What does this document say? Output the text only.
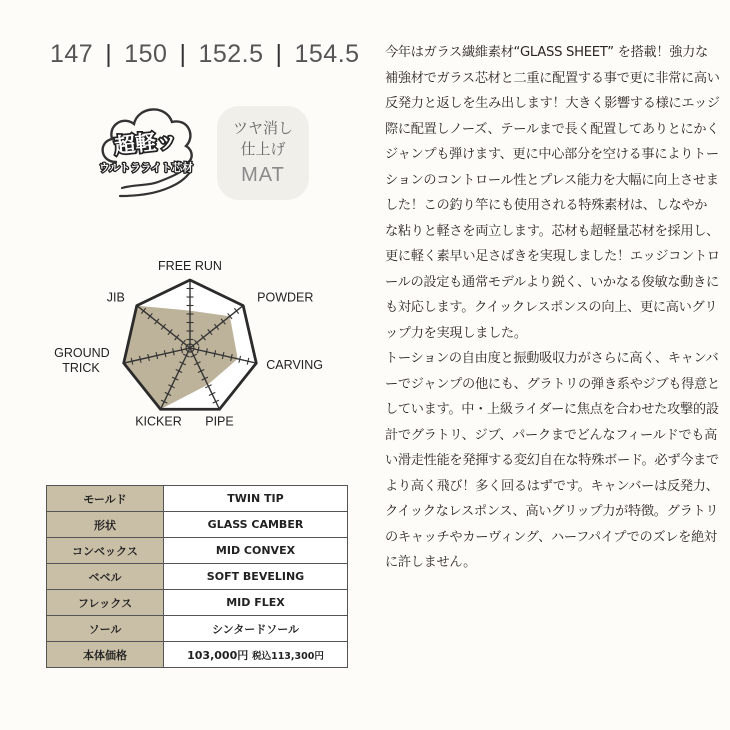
147 | 150 | 152.5 | 154.5
超軽ッ
ウルトラライト芯材
ツヤ消し
仕上げ
MAT
FREE RUN
POWDER
CARVING
PIPE
KICKER
GROUND TRICK
JIB
モールド	TWIN TIP
形状	GLASS CAMBER
コンベックス	MID CONVEX
ベベル	SOFT BEVELING
フレックス	MID FLEX
ソール	シンタードソール
本体価格	103,000円 税込113,300円

今年はガラス繊維素材“GLASS SHEET” を搭載！強力な補強材でガラス芯材と二重に配置する事で更に非常に高い反発力と返しを生み出します！大きく影響する様にエッジ際に配置しノーズ、テールまで長く配置してありとにかくジャンプも弾けます、更に中心部分を空ける事によりトーションのコントロール性とプレス能力を大幅に向上させました！この釣り竿にも使用される特殊素材は、しなやかな粘りと軽さを両立します。芯材も超軽量芯材を採用し、更に軽く素早い足さばきを実現しました！エッジコントロールの設定も通常モデルより鋭く、いかなる俊敏な動きにも対応します。クイックレスポンスの向上、更に高いグリップ力を実現しました。

トーションの自由度と振動吸収力がさらに高く、キャンバーでジャンプの他にも、グラトリの弾き系やジブも得意としています。中・上級ライダーに焦点を合わせた攻撃的設計でグラトリ、ジブ、パークまでどんなフィールドでも高い滑走性能を発揮する変幻自在な特殊ボード。必ず今までより高く飛び！多く回るはずです。キャンバーは反発力、クイックなレスポンス、高いグリップ力が特徴。グラトリのキャッチやカーヴィング、ハーフパイプでのズレを絶対に許しません。
